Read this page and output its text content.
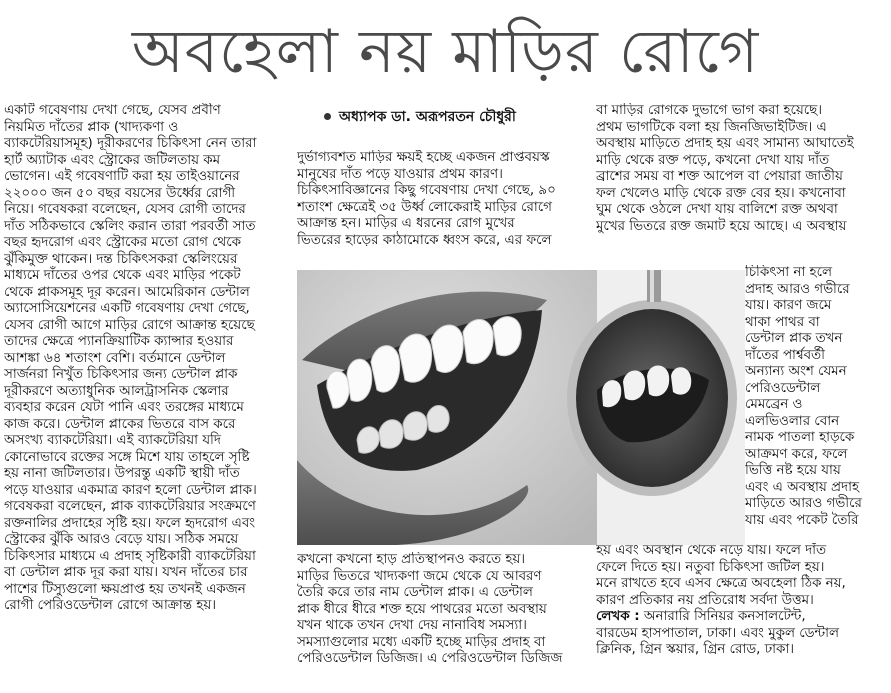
অবহেলা নয় মাড়ির রোগে

একটি গবেষণায় দেখা গেছে, যেসব প্রবীণ

নিয়মিত দাঁতের প্লাক (খাদ্যকণা ও

ব্যাকটেরিয়াসমূহ) দূরীকরণের চিকিৎসা নেন তারা

হার্ট অ্যাটাক এবং স্ট্রোকের জটিলতায় কম

ভোগেন। এই গবেষণাটি করা হয় তাইওয়ানের

২২০০০ জন ৫০ বছর বয়সের উর্ধ্বের রোগী

নিয়ে। গবেষকরা বলেছেন, যেসব রোগী তাদের

দাঁত সঠিকভাবে স্কেলিং করান তারা পরবর্তী সাত

বছর হৃদরোগ এবং স্ট্রোকের মতো রোগ থেকে

ঝুঁকিমুক্ত থাকেন। দন্ত চিকিৎসকরা স্কেলিংয়ের

মাধ্যমে দাঁতের ওপর থেকে এবং মাড়ির পকেট

থেকে প্লাকসমূহ দূর করেন। আমেরিকান ডেন্টাল

অ্যাসোসিয়েশনের একটি গবেষণায় দেখা গেছে,

যেসব রোগী আগে মাড়ির রোগে আক্রান্ত হয়েছে

তাদের ক্ষেত্রে প্যানক্রিয়াটিক ক্যান্সার হওয়ার

আশঙ্কা ৬৪ শতাংশ বেশি। বর্তমানে ডেন্টাল

সার্জনরা নিখুঁত চিকিৎসার জন্য ডেন্টাল প্লাক

দূরীকরণে অত্যাধুনিক আলট্রাসনিক স্কেলার

ব্যবহার করেন যেটা পানি এবং তরঙ্গের মাধ্যমে

কাজ করে। ডেন্টাল প্লাকের ভিতরে বাস করে

অসংখ্য ব্যাকটেরিয়া। এই ব্যাকটেরিয়া যদি

কোনোভাবে রক্তের সঙ্গে মিশে যায় তাহলে সৃষ্টি

হয় নানা জটিলতার। উপরন্তু একটি স্থায়ী দাঁত

পড়ে যাওয়ার একমাত্র কারণ হলো ডেন্টাল প্লাক।

গবেষকরা বলেছেন, প্লাক ব্যাকটেরিয়ার সংক্রমণে

রক্তনালির প্রদাহের সৃষ্টি হয়। ফলে হৃদরোগ এবং

স্ট্রোকের ঝুঁকি আরও বেড়ে যায়। সঠিক সময়ে

চিকিৎসার মাধ্যমে এ প্রদাহ সৃষ্টিকারী ব্যাকটেরিয়া

বা ডেন্টাল প্লাক দূর করা যায়। যখন দাঁতের চার

পাশের টিস্যুগুলো ক্ষয়প্রাপ্ত হয় তখনই একজন

রোগী পেরিওডেন্টাল রোগে আক্রান্ত হয়।

অধ্যাপক ডা. অরূপরতন চৌধুরী

দুর্ভাগ্যবশত মাড়ির ক্ষয়ই হচ্ছে একজন প্রাপ্তবয়স্ক

মানুষের দাঁত পড়ে যাওয়ার প্রথম কারণ।

চিকিৎসাবিজ্ঞানের কিছু গবেষণায় দেখা গেছে, ৯০

শতাংশ ক্ষেত্রেই ৩৫ উর্ধ্ব লোকেরাই মাড়ির রোগে

আক্রান্ত হন। মাড়ির এ ধরনের রোগ মুখের

ভিতরের হাড়ের কাঠামোকে ধ্বংস করে, এর ফলে

বা মাড়ির রোগকে দুভাগে ভাগ করা হয়েছে।

প্রথম ভাগটিকে বলা হয় জিনজিভাইটিজ। এ

অবস্থায় মাড়িতে প্রদাহ হয় এবং সামান্য আঘাতেই

মাড়ি থেকে রক্ত পড়ে, কখনো দেখা যায় দাঁত

ব্রাশের সময় বা শক্ত আপেল বা পেয়ারা জাতীয়

ফল খেলেও মাড়ি থেকে রক্ত বের হয়। কখনোবা

ঘুম থেকে ওঠলে দেখা যায় বালিশে রক্ত অথবা

মুখের ভিতরে রক্ত জমাট হয়ে আছে। এ অবস্থায়

চিকিৎসা না হলে

প্রদাহ আরও গভীরে

যায়। কারণ জমে

থাকা পাথর বা

ডেন্টাল প্লাক তখন

দাঁতের পার্শ্ববর্তী

অন্যান্য অংশ যেমন

পেরিওডেন্টাল

মেমব্রেন ও

এলভিওলার বোন

নামক পাতলা হাড়কে

আক্রমণ করে, ফলে

ভিত্তি নষ্ট হয়ে যায়

এবং এ অবস্থায় প্রদাহ

মাড়িতে আরও গভীরে

যায় এবং পকেট তৈরি

কখনো কখনো হাড় প্রতিস্থাপনও করতে হয়।

মাড়ির ভিতরে খাদ্যকণা জমে থেকে যে আবরণ

তৈরি করে তার নাম ডেন্টাল প্লাক। এ ডেন্টাল

প্লাক ধীরে ধীরে শক্ত হয়ে পাথরের মতো অবস্থায়

যখন থাকে তখন দেখা দেয় নানাবিধ সমস্যা।

সমস্যাগুলোর মধ্যে একটি হচ্ছে মাড়ির প্রদাহ বা

পেরিওডেন্টাল ডিজিজ। এ পেরিওডেন্টাল ডিজিজ

হয় এবং অবস্থান থেকে নড়ে যায়। ফলে দাঁত

ফেলে দিতে হয়। নতুবা চিকিৎসা জটিল হয়।

মনে রাখতে হবে এসব ক্ষেত্রে অবহেলা ঠিক নয়,

কারণ প্রতিকার নয় প্রতিরোধ সর্বদা উত্তম।

লেখক : অনারারি সিনিয়র কনসালটেন্ট,

বারডেম হাসপাতাল, ঢাকা। এবং মুকুল ডেন্টাল

ক্লিনিক, গ্রিন স্কয়ার, গ্রিন রোড, ঢাকা।
